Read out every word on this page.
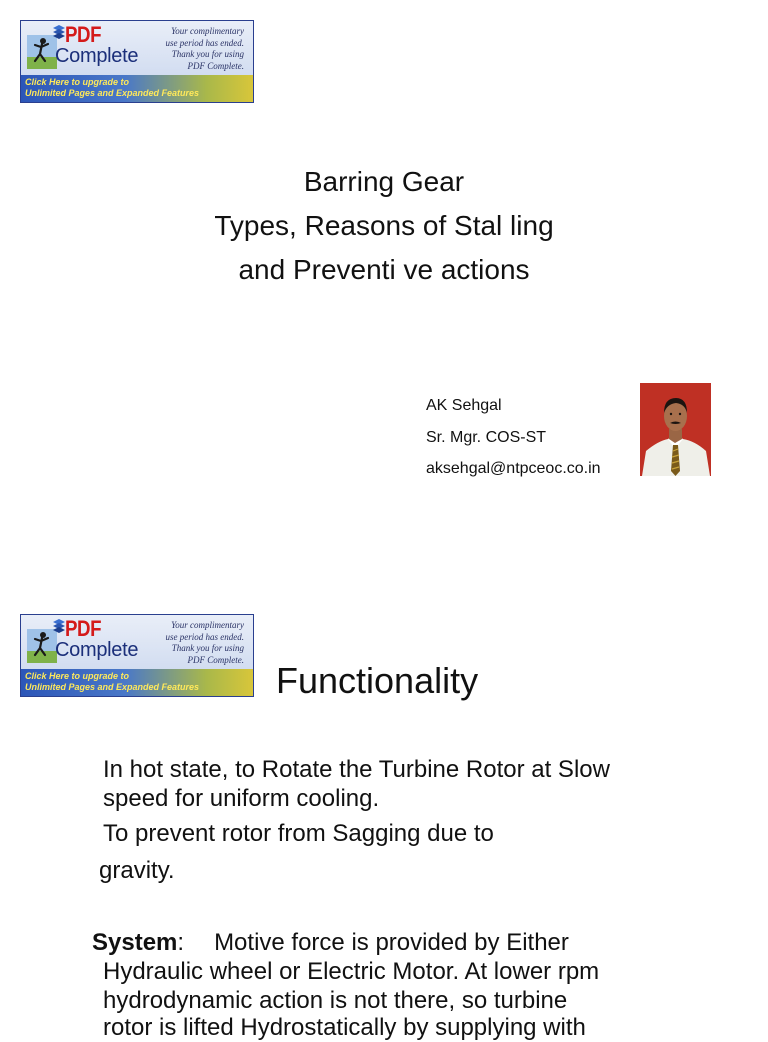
PDF
Complete
Your complimentary
use period has ended.
Thank you for using
PDF Complete.
Click Here to upgrade to
Unlimited Pages and Expanded Features
Barring Gear
Types, Reasons of Stal ling
and Preventi ve actions
AK Sehgal
Sr. Mgr. COS-ST
aksehgal@ntpceoc.co.in
PDF
Complete
Your complimentary
use period has ended.
Thank you for using
PDF Complete.
Click Here to upgrade to
Unlimited Pages and Expanded Features Functionality
In hot state, to Rotate the Turbine Rotor at Slow
speed for uniform cooling.
To prevent rotor from Sagging due to
gravity.
System: Motive force is provided by Either
Hydraulic wheel or Electric Motor. At lower rpm
hydrodynamic action is not there, so turbine
rotor is lifted Hydrostatically by supplying with
